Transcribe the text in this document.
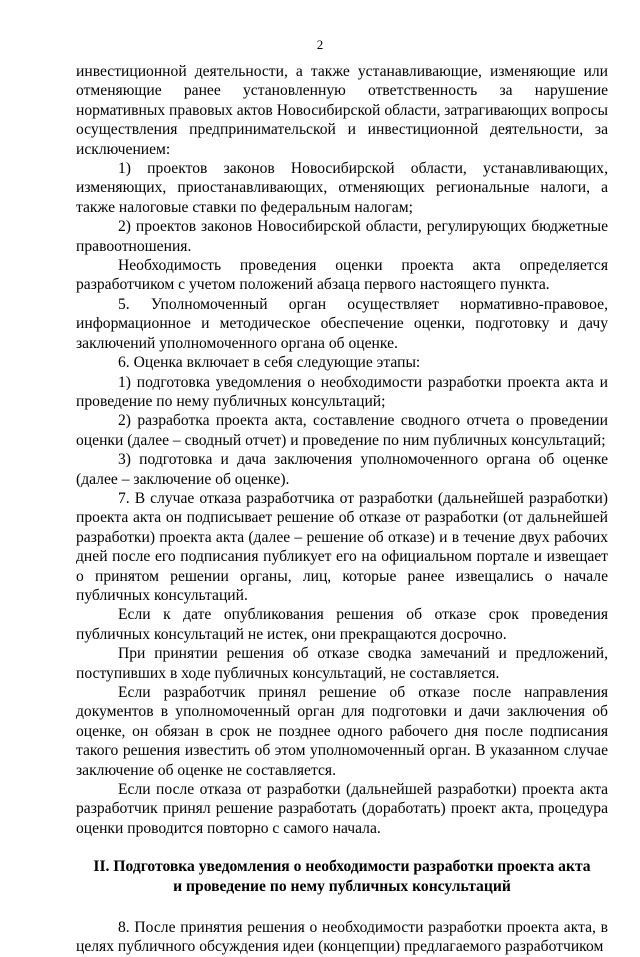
2

инвестиционной деятельности, а также устанавливающие, изменяющие или отменяющие ранее установленную ответственность за нарушение нормативных правовых актов Новосибирской области, затрагивающих вопросы осуществления предпринимательской и инвестиционной деятельности, за исключением:

1) проектов законов Новосибирской области, устанавливающих, изменяющих, приостанавливающих, отменяющих региональные налоги, а также налоговые ставки по федеральным налогам;

2) проектов законов Новосибирской области, регулирующих бюджетные правоотношения.

Необходимость проведения оценки проекта акта определяется разработчиком с учетом положений абзаца первого настоящего пункта.

5. Уполномоченный орган осуществляет нормативно-правовое, информационное и методическое обеспечение оценки, подготовку и дачу заключений уполномоченного органа об оценке.

6. Оценка включает в себя следующие этапы:

1) подготовка уведомления о необходимости разработки проекта акта и проведение по нему публичных консультаций;

2) разработка проекта акта, составление сводного отчета о проведении оценки (далее – сводный отчет) и проведение по ним публичных консультаций;

3) подготовка и дача заключения уполномоченного органа об оценке (далее – заключение об оценке).

7. В случае отказа разработчика от разработки (дальнейшей разработки) проекта акта он подписывает решение об отказе от разработки (от дальнейшей разработки) проекта акта (далее – решение об отказе) и в течение двух рабочих дней после его подписания публикует его на официальном портале и извещает о принятом решении органы, лиц, которые ранее извещались о начале публичных консультаций.

Если к дате опубликования решения об отказе срок проведения публичных консультаций не истек, они прекращаются досрочно.

При принятии решения об отказе сводка замечаний и предложений, поступивших в ходе публичных консультаций, не составляется.

Если разработчик принял решение об отказе после направления документов в уполномоченный орган для подготовки и дачи заключения об оценке, он обязан в срок не позднее одного рабочего дня после подписания такого решения известить об этом уполномоченный орган. В указанном случае заключение об оценке не составляется.

Если после отказа от разработки (дальнейшей разработки) проекта акта разработчик принял решение разработать (доработать) проект акта, процедура оценки проводится повторно с самого начала.

II. Подготовка уведомления о необходимости разработки проекта акта
и проведение по нему публичных консультаций

8. После принятия решения о необходимости разработки проекта акта, в целях публичного обсуждения идеи (концепции) предлагаемого разработчиком
